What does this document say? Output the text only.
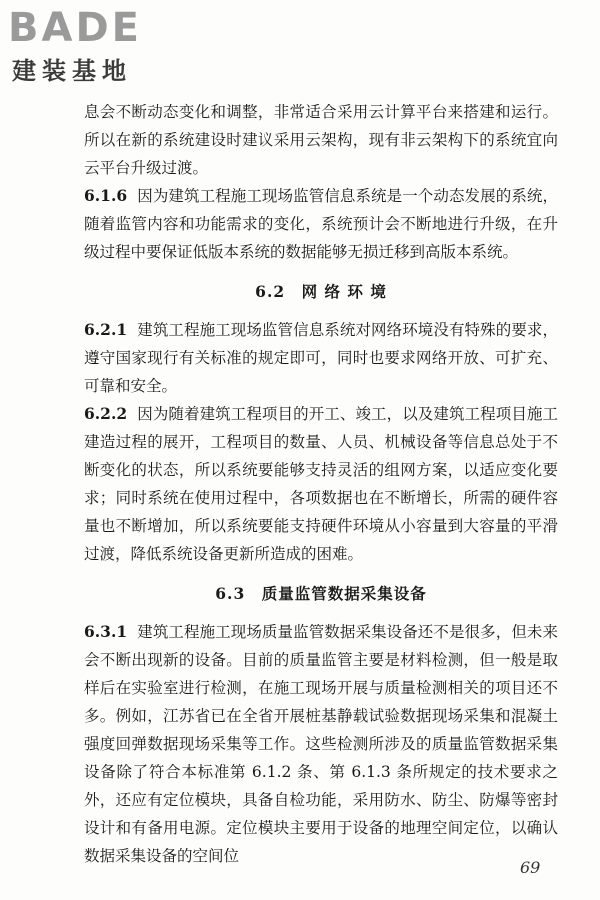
BADE
建装基地

息会不断动态变化和调整，非常适合采用云计算平台来搭建和运行。所以在新的系统建设时建议采用云架构，现有非云架构下的系统宜向云平台升级过渡。

6.1.6 因为建筑工程施工现场监管信息系统是一个动态发展的系统，随着监管内容和功能需求的变化，系统预计会不断地进行升级，在升级过程中要保证低版本系统的数据能够无损迁移到高版本系统。

6.2　网 络 环 境

6.2.1 建筑工程施工现场监管信息系统对网络环境没有特殊的要求，遵守国家现行有关标准的规定即可，同时也要求网络开放、可扩充、可靠和安全。

6.2.2 因为随着建筑工程项目的开工、竣工，以及建筑工程项目施工建造过程的展开，工程项目的数量、人员、机械设备等信息总处于不断变化的状态，所以系统要能够支持灵活的组网方案，以适应变化要求；同时系统在使用过程中，各项数据也在不断增长，所需的硬件容量也不断增加，所以系统要能支持硬件环境从小容量到大容量的平滑过渡，降低系统设备更新所造成的困难。

6.3　质量监管数据采集设备

6.3.1 建筑工程施工现场质量监管数据采集设备还不是很多，但未来会不断出现新的设备。目前的质量监管主要是材料检测，但一般是取样后在实验室进行检测，在施工现场开展与质量检测相关的项目还不多。例如，江苏省已在全省开展桩基静载试验数据现场采集和混凝土强度回弹数据现场采集等工作。这些检测所涉及的质量监管数据采集设备除了符合本标准第 6.1.2 条、第 6.1.3 条所规定的技术要求之外，还应有定位模块，具备自检功能，采用防水、防尘、防爆等密封设计和有备用电源。定位模块主要用于设备的地理空间定位，以确认数据采集设备的空间位

69
